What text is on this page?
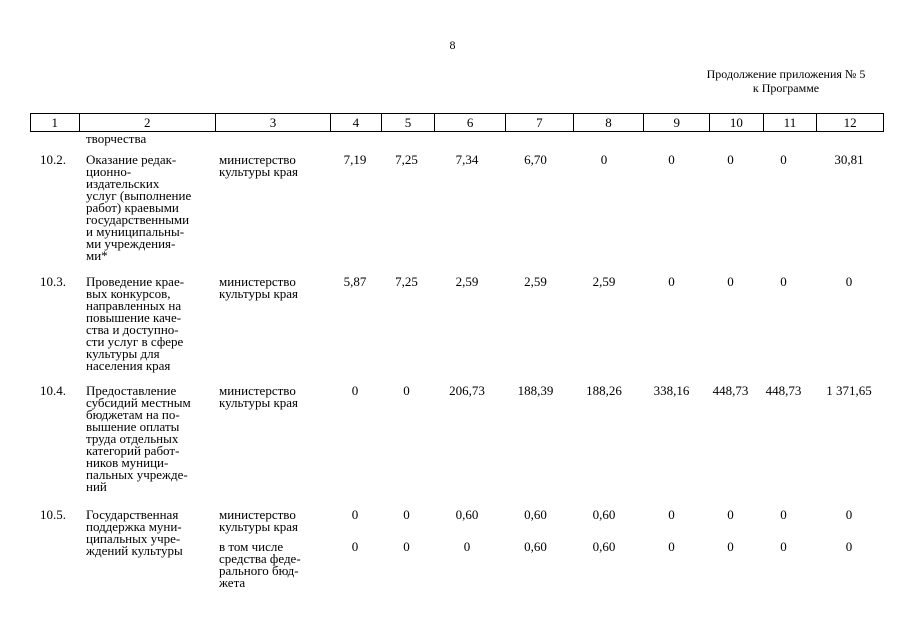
8
Продолжение приложения № 5
к Программе
1	2	3	4	5	6	7	8	9	10	11	12
творчества
10.2. Оказание редак-
ционно-
издательских
услуг (выполнение
работ) краевыми
государственными
и муниципальны-
ми учреждения-
ми*
министерство
культуры края
7,19	7,25	7,34	6,70	0	0	0	0	30,81
10.3. Проведение крае-
вых конкурсов,
направленных на
повышение каче-
ства и доступно-
сти услуг в сфере
культуры для
населения края
министерство
культуры края
5,87	7,25	2,59	2,59	2,59	0	0	0	0
10.4. Предоставление
субсидий местным
бюджетам на по-
вышение оплаты
труда отдельных
категорий работ-
ников муници-
пальных учрежде-
ний
министерство
культуры края
0	0	206,73	188,39	188,26	338,16	448,73	448,73	1 371,65
10.5. Государственная
поддержка муни-
ципальных учре-
ждений культуры
министерство
культуры края
0	0	0,60	0,60	0,60	0	0	0	0
в том числе
средства феде-
рального бюд-
жета
0	0	0	0,60	0,60	0	0	0	0
